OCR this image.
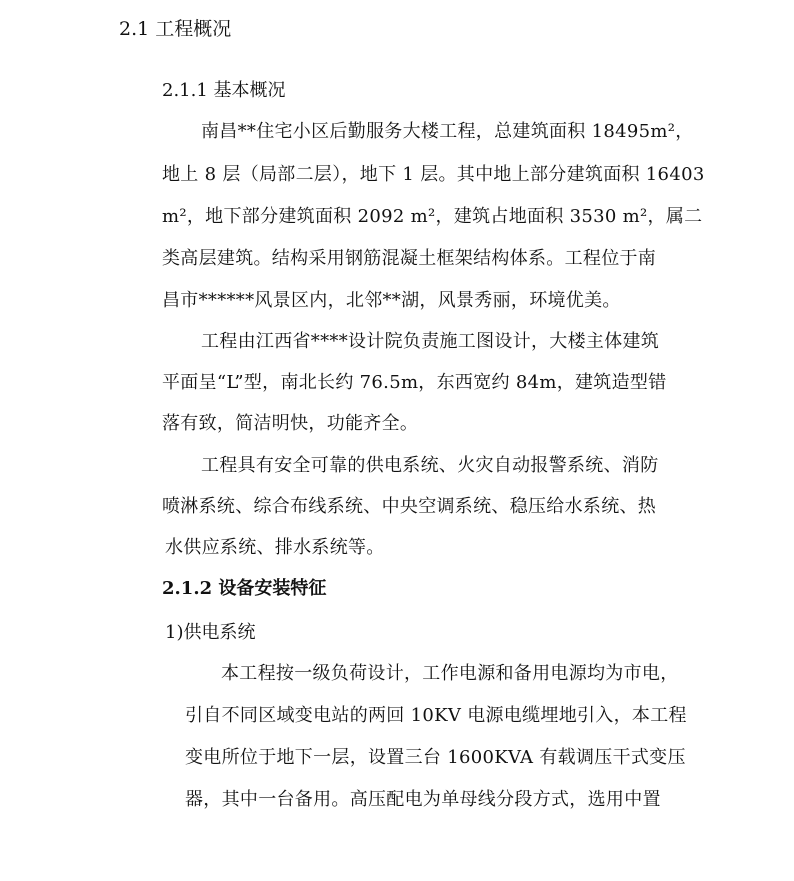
2.1 工程概况
2.1.1 基本概况
南昌**住宅小区后勤服务大楼工程，总建筑面积 18495m²，
地上 8 层（局部二层），地下 1 层。其中地上部分建筑面积 16403
m²，地下部分建筑面积 2092 m²，建筑占地面积 3530 m²，属二
类高层建筑。结构采用钢筋混凝土框架结构体系。工程位于南
昌市******风景区内，北邻**湖，风景秀丽，环境优美。
工程由江西省****设计院负责施工图设计，大楼主体建筑
平面呈“L”型，南北长约 76.5m，东西宽约 84m，建筑造型错
落有致，简洁明快，功能齐全。
工程具有安全可靠的供电系统、火灾自动报警系统、消防
喷淋系统、综合布线系统、中央空调系统、稳压给水系统、热
水供应系统、排水系统等。
2.1.2 设备安装特征
1)供电系统
本工程按一级负荷设计，工作电源和备用电源均为市电，
引自不同区域变电站的两回 10KV 电源电缆埋地引入，本工程
变电所位于地下一层，设置三台 1600KVA 有载调压干式变压
器，其中一台备用。高压配电为单母线分段方式，选用中置
